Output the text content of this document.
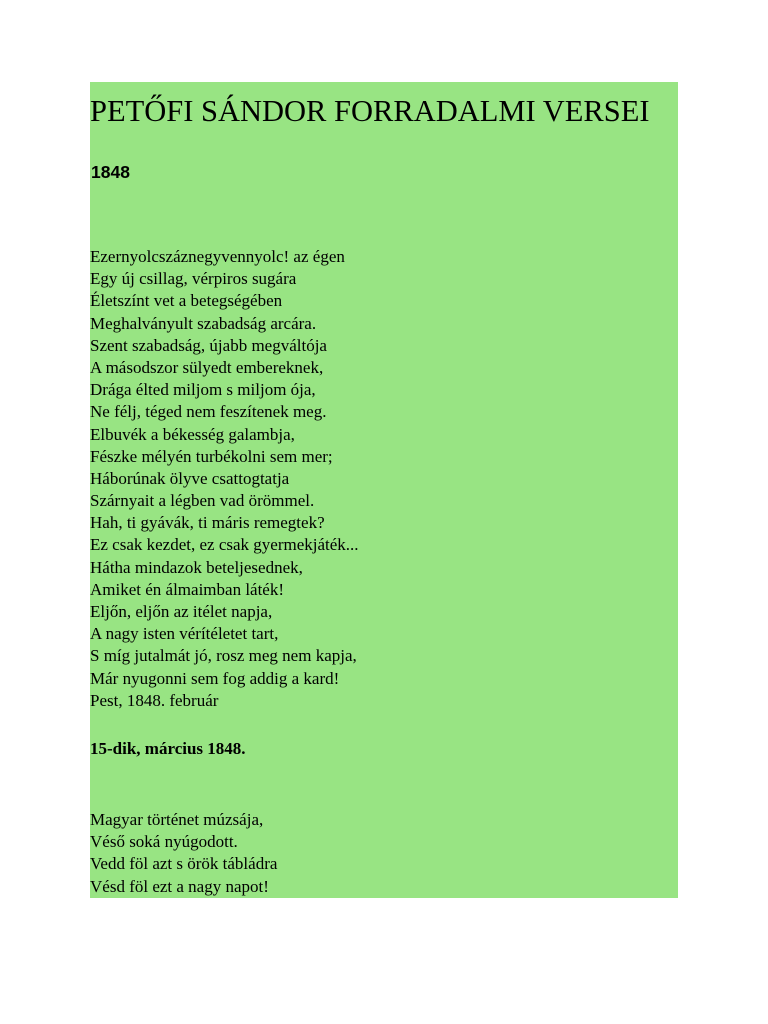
PETŐFI SÁNDOR FORRADALMI VERSEI
1848
Ezernyolcszáznegyvennyolc! az égen
Egy új csillag, vérpiros sugára
Életszínt vet a betegségében
Meghalványult szabadság arcára.
Szent szabadság, újabb megváltója
A másodszor sülyedt embereknek,
Drága élted miljom s miljom ója,
Ne félj, téged nem feszítenek meg.
Elbuvék a békesség galambja,
Fészke mélyén turbékolni sem mer;
Háborúnak ölyve csattogtatja
Szárnyait a légben vad örömmel.
Hah, ti gyávák, ti máris remegtek?
Ez csak kezdet, ez csak gyermekjáték...
Hátha mindazok beteljesednek,
Amiket én álmaimban láték!
Eljőn, eljőn az itélet napja,
A nagy isten vérítéletet tart,
S míg jutalmát jó, rosz meg nem kapja,
Már nyugonni sem fog addig a kard!
Pest, 1848. február
15-dik, március 1848.
Magyar történet múzsája,
Véső soká nyúgodott.
Vedd föl azt s örök tábládra
Vésd föl ezt a nagy napot!
